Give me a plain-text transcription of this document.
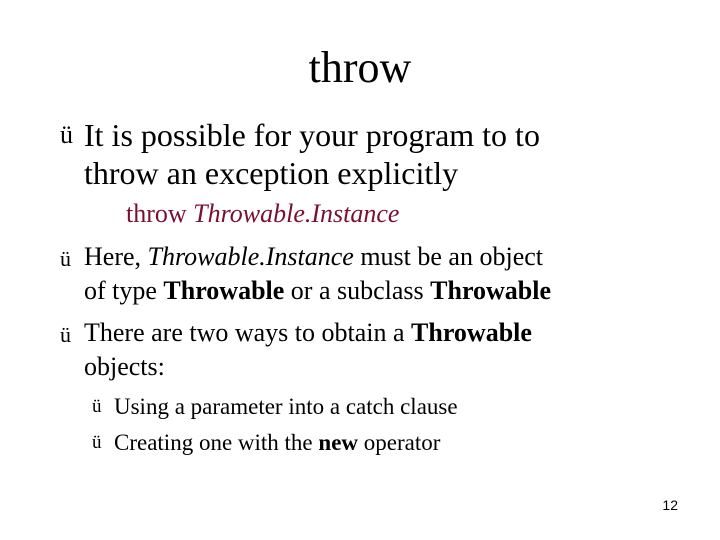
throw
ü It is possible for your program to to
throw an exception explicitly
throw Throwable.Instance
ü Here, Throwable.Instance must be an object
of type Throwable or a subclass Throwable
ü There are two ways to obtain a Throwable
objects:
ü Using a parameter into a catch clause
ü Creating one with the new operator
12
